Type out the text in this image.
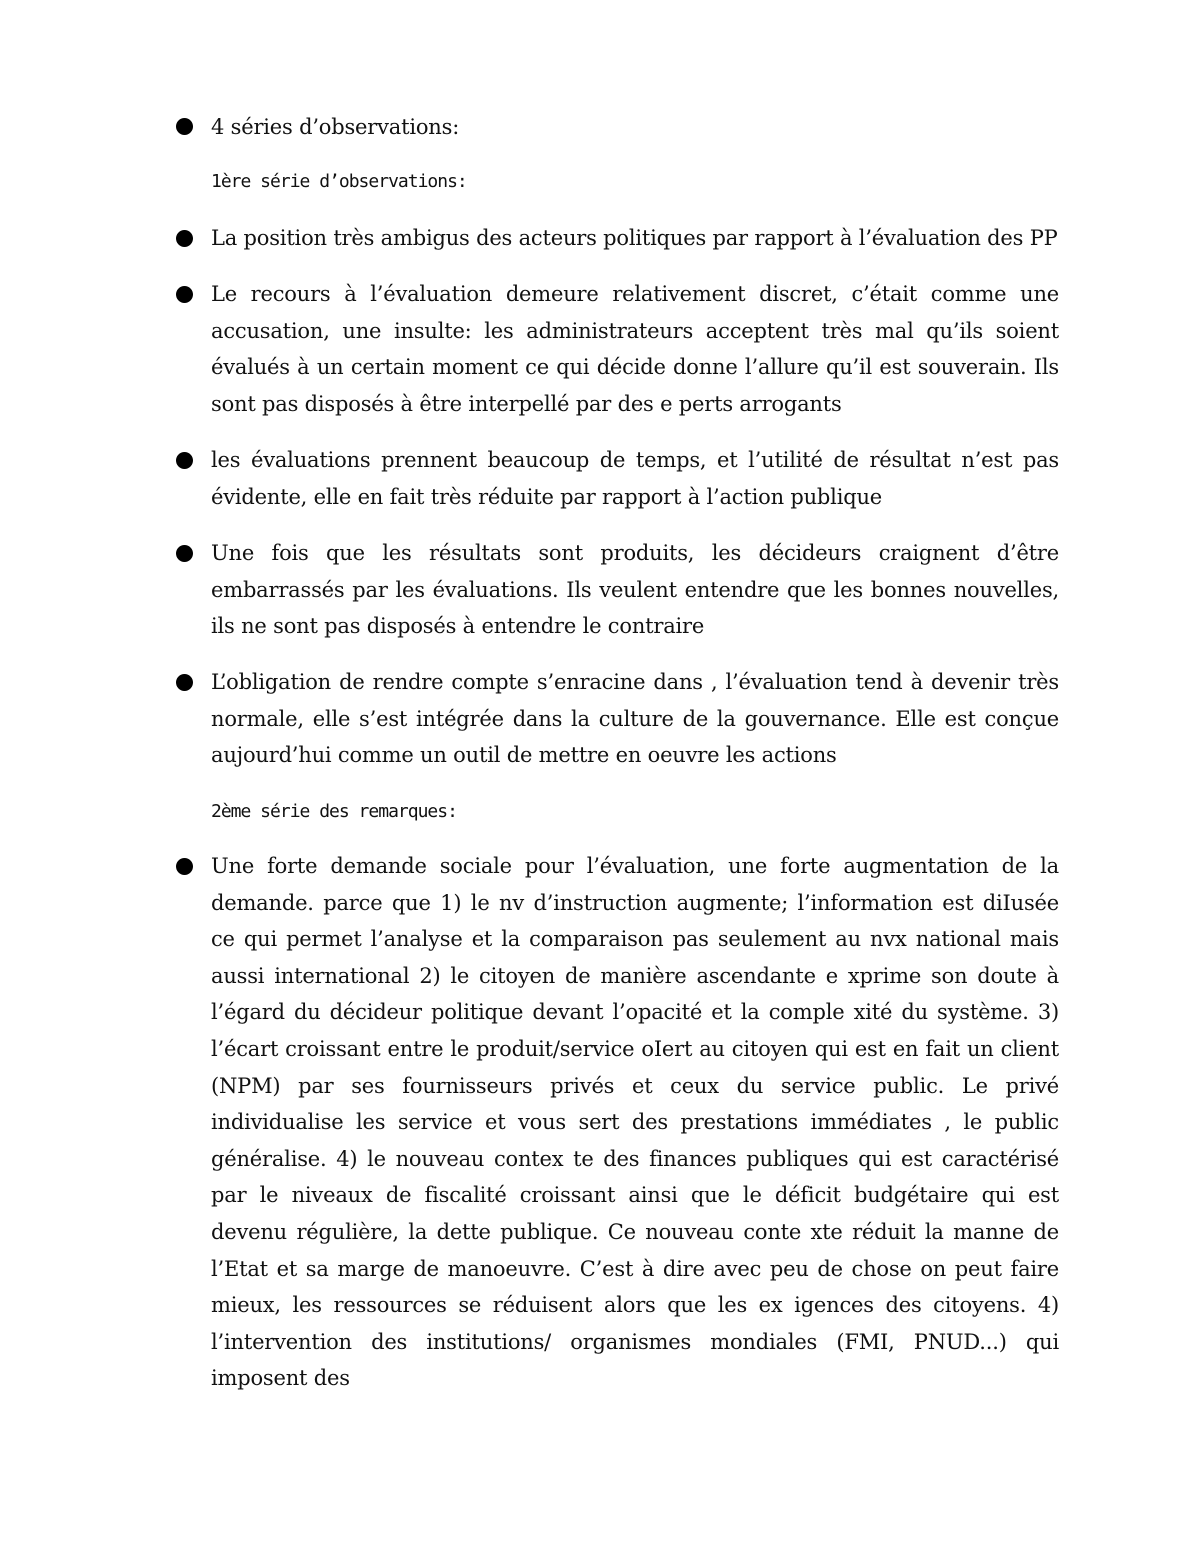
4 séries d’observations:
1ère série d’observations:
La position très ambigus des acteurs politiques par rapport à l’évaluation des PP
Le recours à l’évaluation demeure relativement discret, c’était comme une accusation, une insulte: les administrateurs acceptent très mal qu’ils soient évalués à un certain moment ce qui décide donne l’allure qu’il est souverain. Ils sont pas disposés à être interpellé par des e perts arrogants
les évaluations prennent beaucoup de temps, et l’utilité de résultat n’est pas évidente, elle en fait très réduite par rapport à l’action publique
Une fois que les résultats sont produits, les décideurs craignent d’être embarrassés par les évaluations. Ils veulent entendre que les bonnes nouvelles, ils ne sont pas disposés à entendre le contraire
L’obligation de rendre compte s’enracine dans , l’évaluation tend à devenir très normale, elle s’est intégrée dans la culture de la gouvernance. Elle est conçue aujourd’hui comme un outil de mettre en oeuvre les actions
2ème série des remarques:
Une forte demande sociale pour l’évaluation, une forte augmentation de la demande. parce que 1) le nv d’instruction augmente; l’information est diIusée ce qui permet l’analyse et la comparaison pas seulement au nvx national mais aussi international 2) le citoyen de manière ascendante e xprime son doute à l’égard du décideur politique devant l’opacité et la comple xité du système. 3) l’écart croissant entre le produit/service oIert au citoyen qui est en fait un client (NPM) par ses fournisseurs privés et ceux du service public. Le privé individualise les service et vous sert des prestations immédiates , le public généralise. 4) le nouveau contex te des finances publiques qui est caractérisé par le niveaux de fiscalité croissant ainsi que le déficit budgétaire qui est devenu régulière, la dette publique. Ce nouveau conte xte réduit la manne de l’Etat et sa marge de manoeuvre. C’est à dire avec peu de chose on peut faire mieux, les ressources se réduisent alors que les ex igences des citoyens. 4) l’intervention des institutions/ organismes mondiales (FMI, PNUD...) qui imposent des
